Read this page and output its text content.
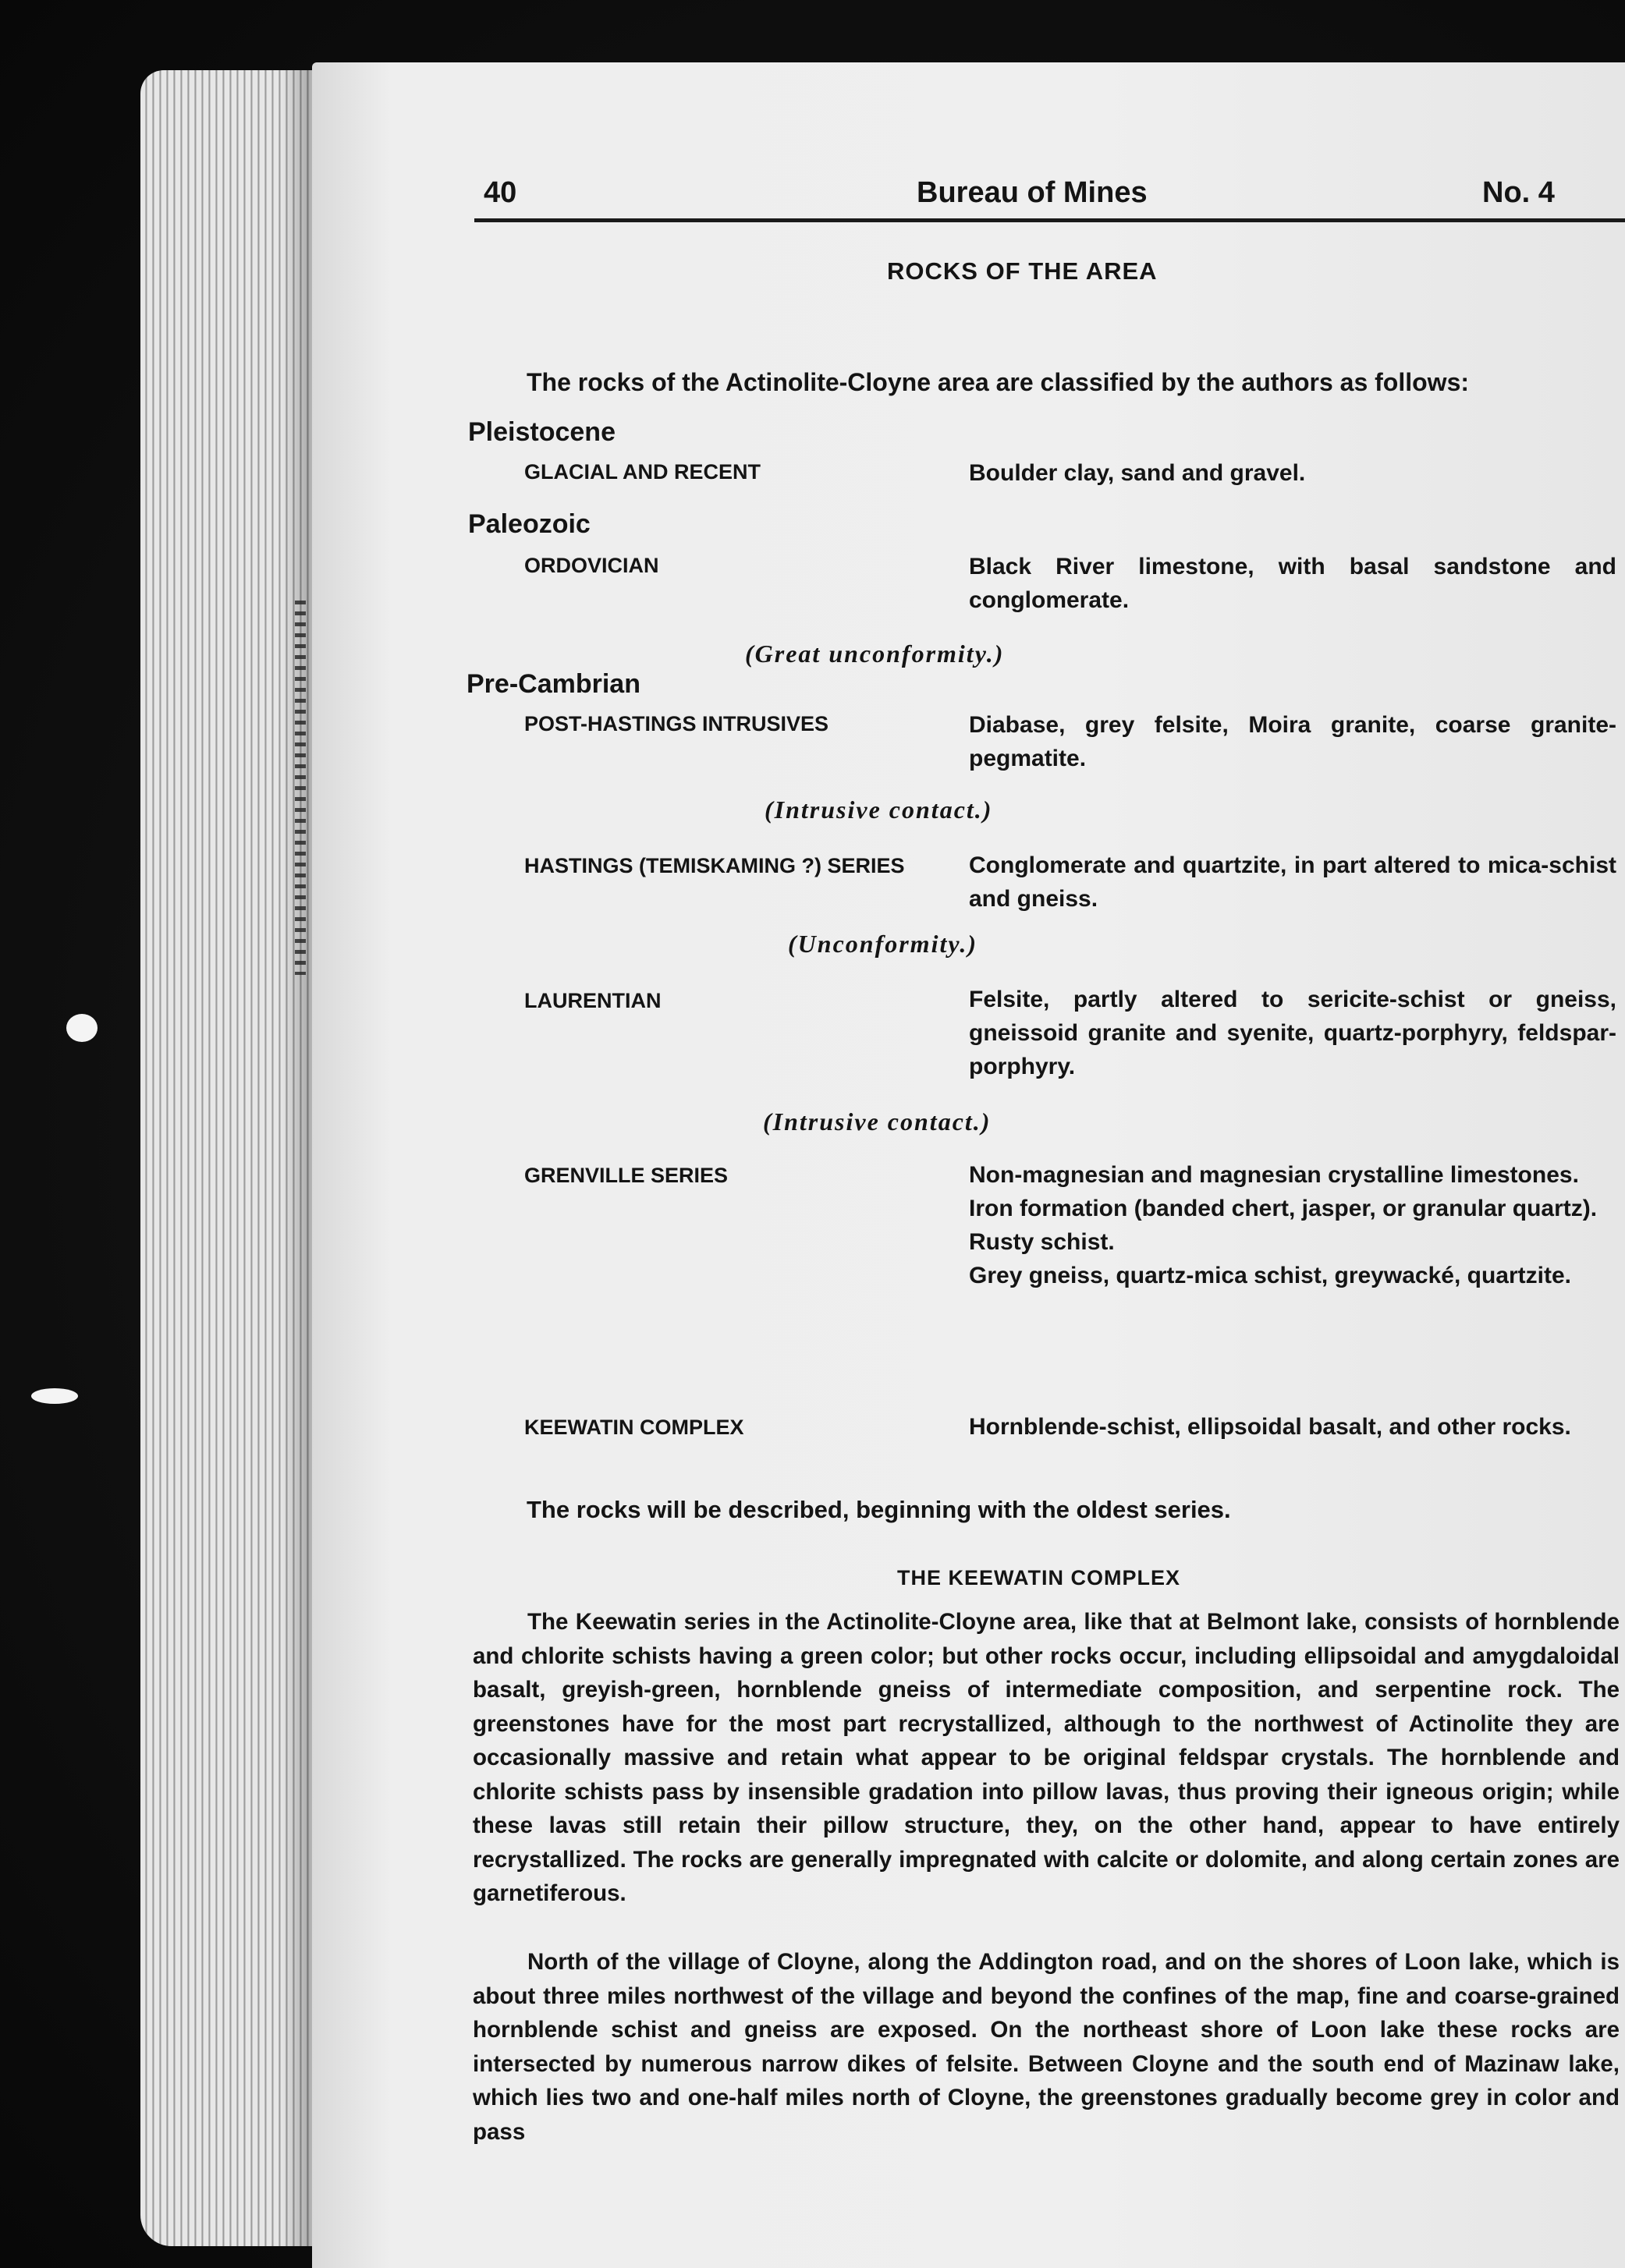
40	Bureau of Mines	No. 4
ROCKS OF THE AREA
The rocks of the Actinolite-Cloyne area are classified by the authors as follows:
Pleistocene
GLACIAL AND RECENT	Boulder clay, sand and gravel.

Paleozoic
ORDOVICIAN	Black River limestone, with basal sandstone and conglomerate.

(Great unconformity.)
Pre-Cambrian
POST-HASTINGS INTRUSIVES	Diabase, grey felsite, Moira granite, coarse granite-pegmatite.

(Intrusive contact.)
HASTINGS (TEMISKAMING ?) SERIES	Conglomerate and quartzite, in part altered to mica-schist and gneiss.

(Unconformity.)
LAURENTIAN	Felsite, partly altered to sericite-schist or gneiss, gneissoid granite and syenite, quartz-porphyry, feldspar-porphyry.

(Intrusive contact.)
GRENVILLE SERIES	Non-magnesian and magnesian crystalline limestones.

Iron formation (banded chert, jasper, or granular quartz).

Rusty schist.

Grey gneiss, quartz-mica schist, greywacké, quartzite.

KEEWATIN COMPLEX	Hornblende-schist, ellipsoidal basalt, and other rocks.

The rocks will be described, beginning with the oldest series.
THE KEEWATIN COMPLEX
The Keewatin series in the Actinolite-Cloyne area, like that at Belmont lake, consists of hornblende and chlorite schists having a green color; but other rocks occur, including ellipsoidal and amygdaloidal basalt, greyish-green, hornblende gneiss of intermediate composition, and serpentine rock. The greenstones have for the most part recrystallized, although to the northwest of Actinolite they are occasionally massive and retain what appear to be original feldspar crystals. The hornblende and chlorite schists pass by insensible gradation into pillow lavas, thus proving their igneous origin; while these lavas still retain their pillow structure, they, on the other hand, appear to have entirely recrystallized. The rocks are generally impregnated with calcite or dolomite, and along certain zones are garnetiferous.
North of the village of Cloyne, along the Addington road, and on the shores of Loon lake, which is about three miles northwest of the village and beyond the confines of the map, fine and coarse-grained hornblende schist and gneiss are exposed. On the northeast shore of Loon lake these rocks are intersected by numerous narrow dikes of felsite. Between Cloyne and the south end of Mazinaw lake, which lies two and one-half miles north of Cloyne, the greenstones gradually become grey in color and pass
